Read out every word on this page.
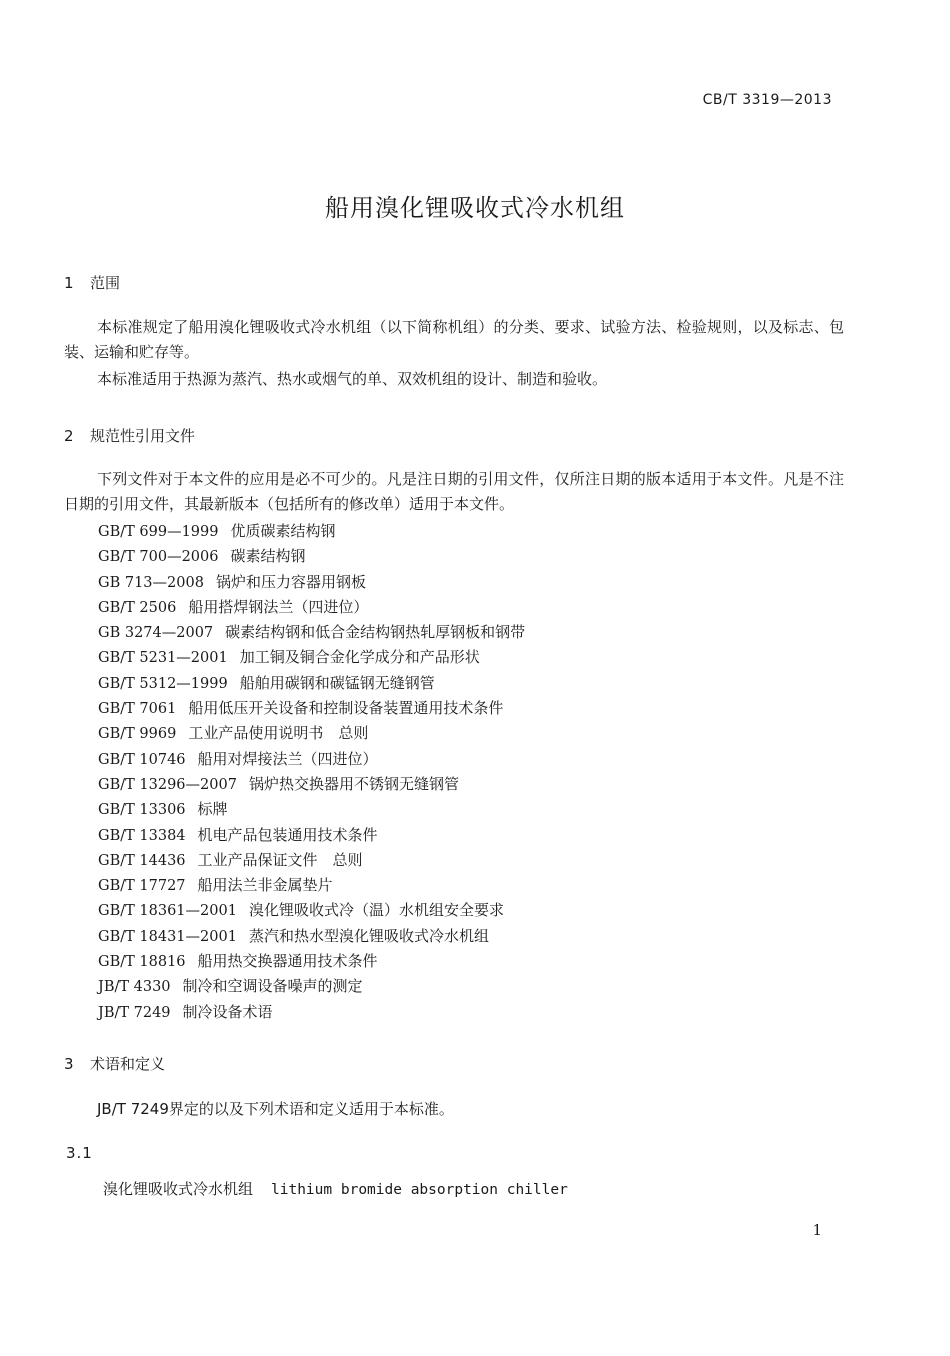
CB/T 3319—2013
船用溴化锂吸收式冷水机组
1 范围
本标准规定了船用溴化锂吸收式冷水机组（以下简称机组）的分类、要求、试验方法、检验规则，以及标志、包装、运输和贮存等。
本标准适用于热源为蒸汽、热水或烟气的单、双效机组的设计、制造和验收。
2 规范性引用文件
下列文件对于本文件的应用是必不可少的。凡是注日期的引用文件，仅所注日期的版本适用于本文件。凡是不注日期的引用文件，其最新版本（包括所有的修改单）适用于本文件。
GB/T 699—1999 优质碳素结构钢
GB/T 700—2006 碳素结构钢
GB 713—2008 锅炉和压力容器用钢板
GB/T 2506 船用搭焊钢法兰（四进位）
GB 3274—2007 碳素结构钢和低合金结构钢热轧厚钢板和钢带
GB/T 5231—2001 加工铜及铜合金化学成分和产品形状
GB/T 5312—1999 船舶用碳钢和碳锰钢无缝钢管
GB/T 7061 船用低压开关设备和控制设备装置通用技术条件
GB/T 9969 工业产品使用说明书　总则
GB/T 10746 船用对焊接法兰（四进位）
GB/T 13296—2007 锅炉热交换器用不锈钢无缝钢管
GB/T 13306 标牌
GB/T 13384 机电产品包装通用技术条件
GB/T 14436 工业产品保证文件　总则
GB/T 17727 船用法兰非金属垫片
GB/T 18361—2001 溴化锂吸收式冷（温）水机组安全要求
GB/T 18431—2001 蒸汽和热水型溴化锂吸收式冷水机组
GB/T 18816 船用热交换器通用技术条件
JB/T 4330 制冷和空调设备噪声的测定
JB/T 7249 制冷设备术语
3 术语和定义
JB/T 7249界定的以及下列术语和定义适用于本标准。
3.1
溴化锂吸收式冷水机组 lithium bromide absorption chiller
1
